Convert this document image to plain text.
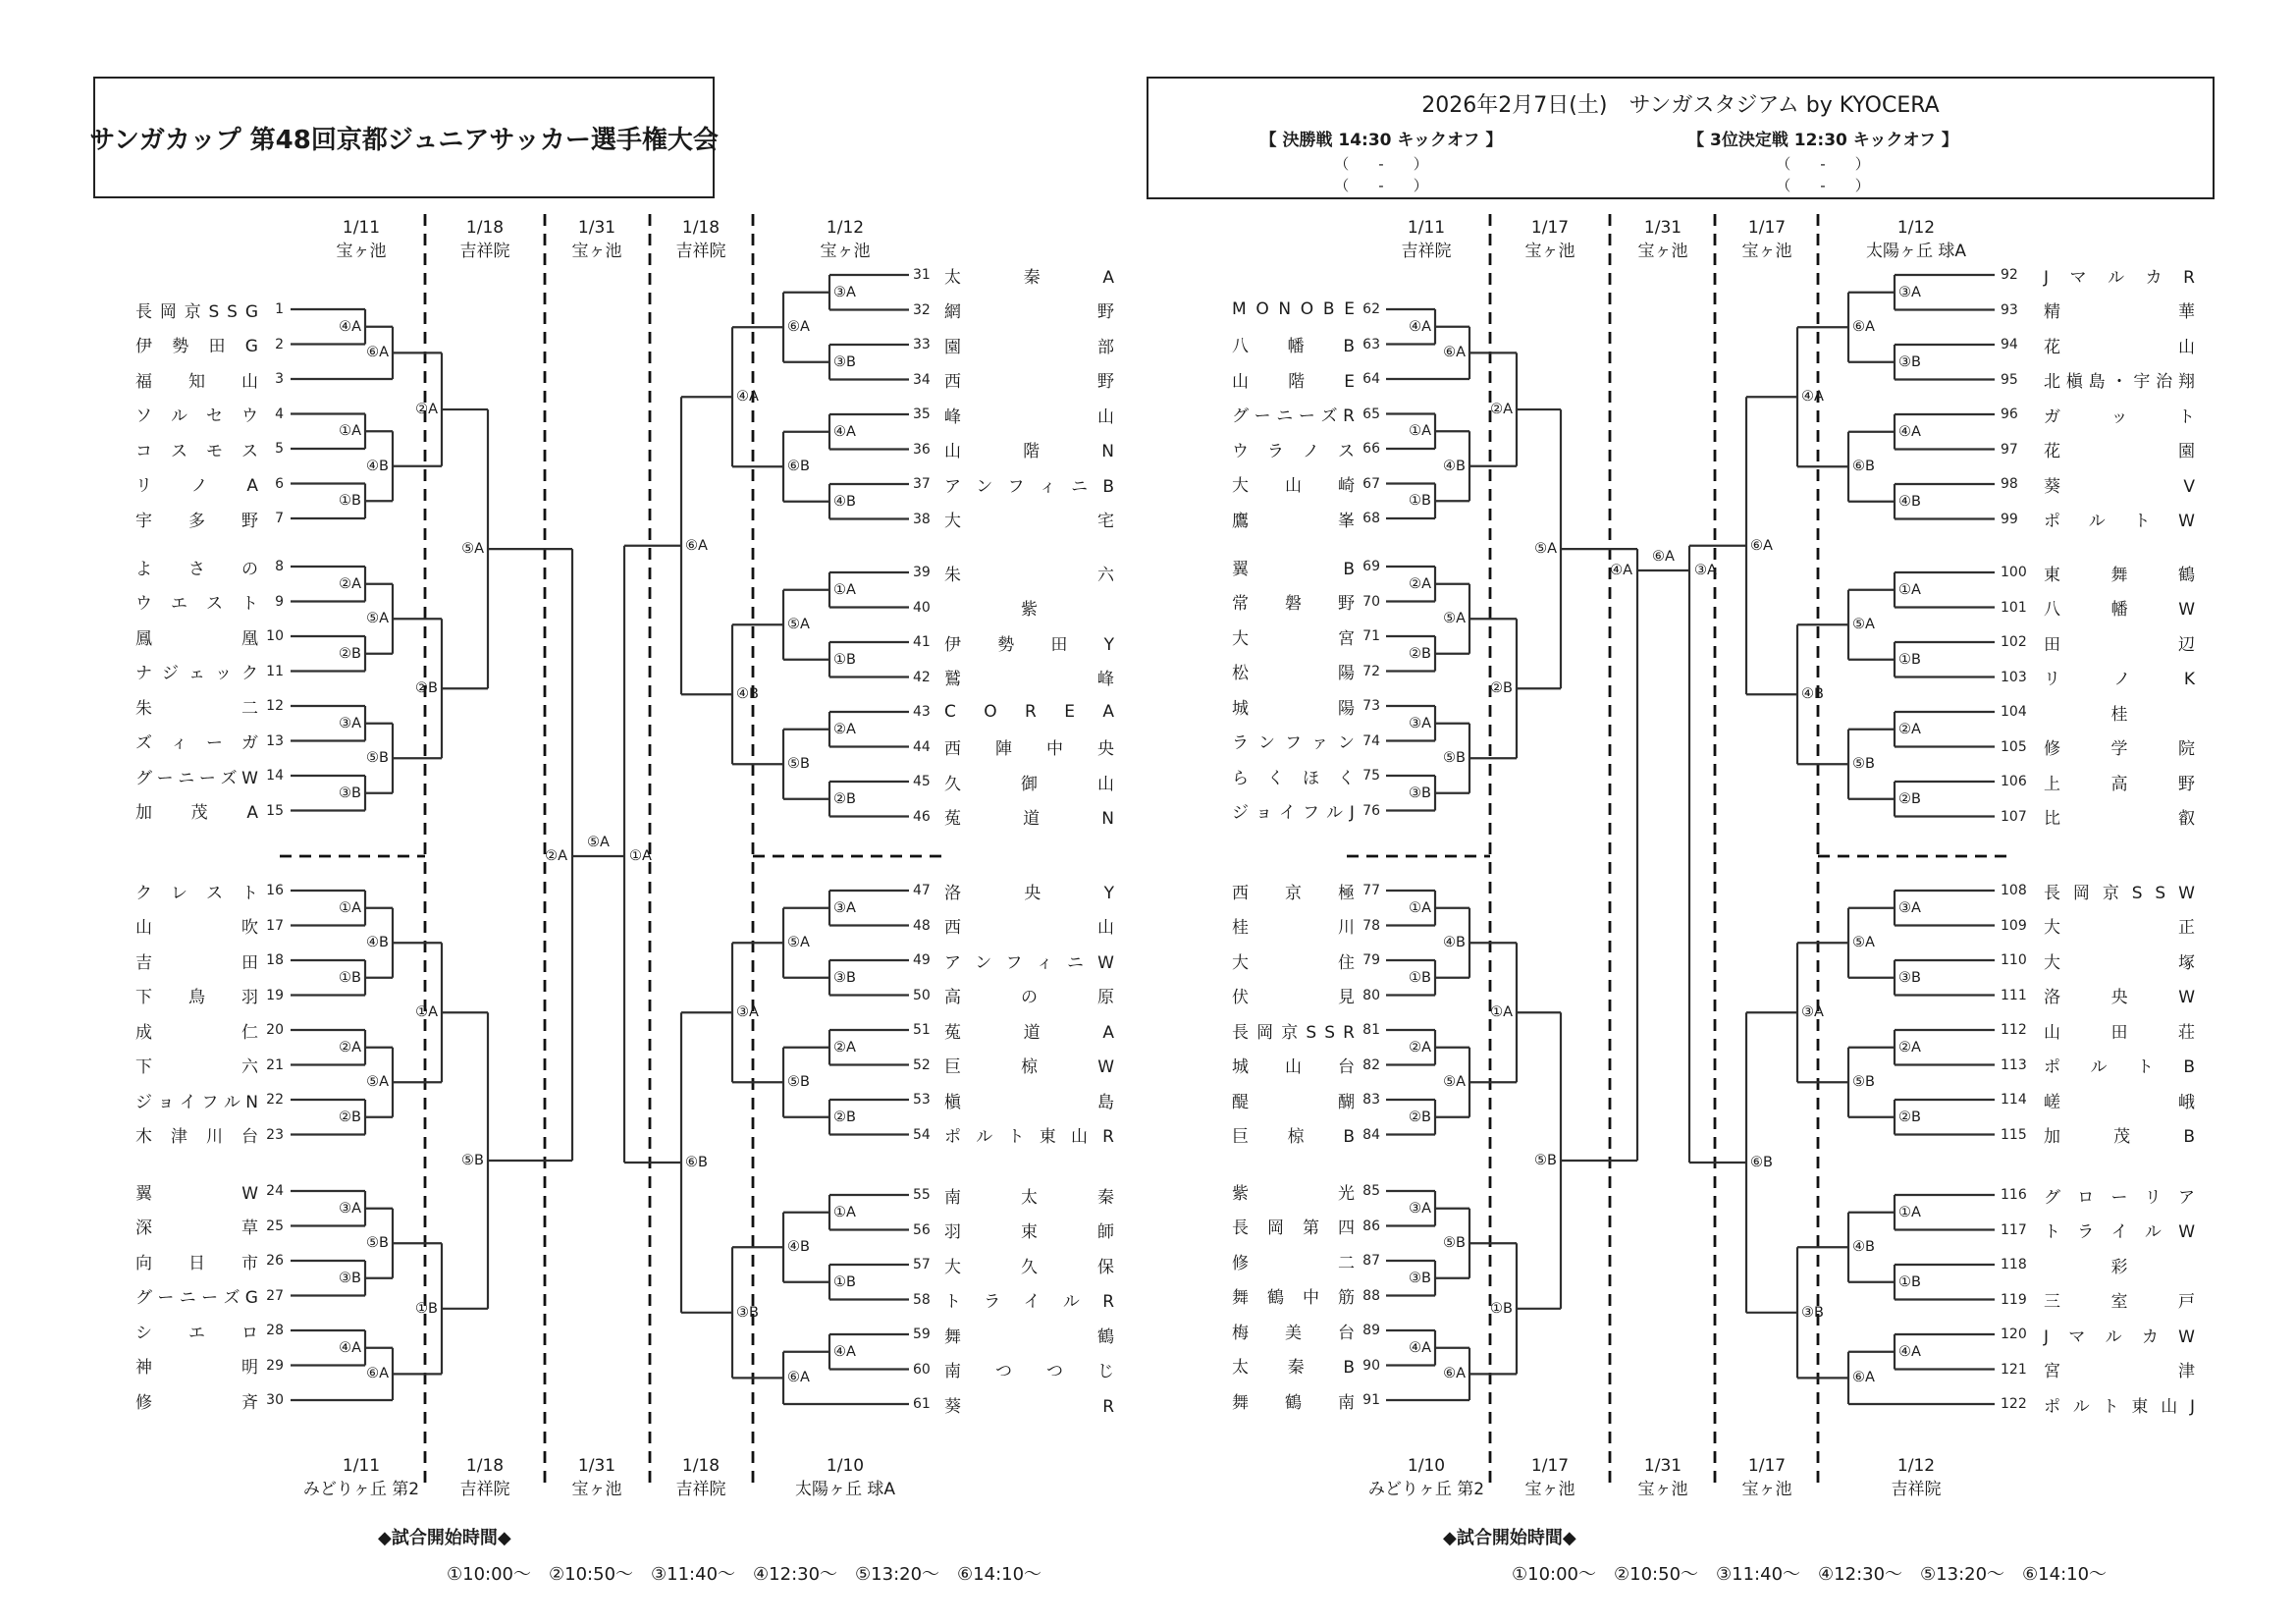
サンガカップ 第48回京都ジュニアサッカー選手権大会
2026年2月7日(土)　サンガスタジアム by KYOCERA
【 決勝戦 14:30 キックオフ 】	【 3位決定戦 12:30 キックオフ 】
（　　-　　）
（　　-　　）
（　　-　　）
（　　-　　）
◆試合開始時間◆
①10:00～　②10:50～　③11:40～　④12:30～　⑤13:20～　⑥14:10～
◆試合開始時間◆
①10:00～　②10:50～　③11:40～　④12:30～　⑤13:20～　⑥14:10～
1/11
宝ヶ池
1/18
吉祥院
1/31
宝ヶ池
1/18
吉祥院
1/12
宝ヶ池
1/11
みどりヶ丘 第2
1/18
吉祥院
1/31
宝ヶ池
1/18
吉祥院
1/10
太陽ヶ丘 球A
長 岡 京 S S G	1
伊 勢 田 G	2
福 知 山	3
ソ ル セ ウ	4
コ ス モ ス	5
リ ノ A	6
宇 多 野	7
よ さ の	8
ウ エ ス ト	9
鳳	凰 10
ナ ジ ェ ッ ク 11
朱	二 12
ズ ィ ー ガ 13
グ ー ニ ー ズ W 14
加 茂 A 15
ク レ ス ト 16
山	吹 17
吉	田 18
下 鳥 羽 19
成	仁 20
下	六 21
ジ ョ イ フ ル N 22
木 津 川 台 23
翼	W 24
深	草 25
向 日 市 26
グ ー ニ ー ズ G 27
シ エ ロ 28
神	明 29
修	斉 30
④A
⑥A
①A
①B
④B
②A
②A
②B
⑤A
③A
③B
⑤B
②B
⑤A
①A
①B
④B
②A
②B
⑤A
①A
③A
③B
⑤B
④A
⑥A
①B
⑤B
②A
31 太	秦	A
32 網	野
33 園	部
34 西	野
35 峰	山
36 山	階	N
37 ア ン フ ィ ニ B
38 大	宅
39 朱	六
40	紫
41 伊 勢 田 Y
42 鷲	峰
43 C O R E A
44 西 陣 中 央
45 久	御	山
46 菟	道	N
47 洛	央	Y
48 西	山
49 ア ン フ ィ ニ W
50 高	の	原
51 菟	道	A
52 巨	椋	W
53 槇	島
54 ポ ル ト 東 山 R
55 南	太	秦
56 羽	束	師
57 大	久	保
58 ト ラ イ ル R
59 舞	鶴
60 南 つ つ じ
61 葵	R
③A
③B
⑥A
④A
④B
⑥B
④A
①A
①B
⑤A
②A
②B
⑤B
④B
⑥A
③A
③B
⑤A
②A
②B
⑤B
③A
①A
①B
④B
④A
⑥A
③B
⑥B
①A
⑤A
1/11
吉祥院
1/17
宝ヶ池
1/31
宝ヶ池
1/17
宝ヶ池
1/12
太陽ヶ丘 球A
1/10
みどりヶ丘 第2
1/17
宝ヶ池
1/31
宝ヶ池
1/17
宝ヶ池
1/12
吉祥院
M O N O B E 62
八 幡 B 63
山 階 E 64
グ ー ニ ー ズ R 65
ウ ラ ノ ス 66
大 山 崎 67
鷹	峯 68
翼	B 69
常 磐 野 70
大	宮 71
松	陽 72
城	陽 73
ラ ン フ ァ ン 74
ら く ほ く 75
ジ ョ イ フ ル J 76
西 京 極 77
桂	川 78
大	住 79
伏	見 80
長 岡 京 S S R 81
城 山 台 82
醍	醐 83
巨 椋 B 84
紫	光 85
長 岡 第 四 86
修	二 87
舞 鶴 中 筋 88
梅 美 台 89
太 秦 B 90
舞 鶴 南 91
④A
⑥A
①A
①B
④B
②A
②A
②B
⑤A
③A
③B
⑤B
②B
⑤A
①A
①B
④B
②A
②B
⑤A
①A
③A
③B
⑤B
④A
⑥A
①B
⑤B
④A
92	J マ ル カ R
93	精	華
94	花	山
95	北 槇 島 ・ 宇 治 翔
96	ガ	ッ	ト
97	花	園
98	葵	V
99	ポ ル ト W
100	東	舞	鶴
101	八	幡	W
102	田	辺
103	リ	ノ	K
104	桂
105	修	学	院
106	上	高	野
107	比	叡
108	長 岡 京 S S W
109	大	正
110	大	塚
111	洛	央	W
112	山	田	荘
113	ポ ル ト B
114	嵯	峨
115	加	茂	B
116	グ ロ ー リ ア
117	ト ラ イ ル W
118	彩
119	三	室	戸
120	J マ ル カ W
121	宮	津
122	ポ ル ト 東 山 J
③A
③B
⑥A
④A
④B
⑥B
④A
①A
①B
⑤A
②A
②B
⑤B
④B
⑥A
③A
③B
⑤A
②A
②B
⑤B
③A
①A
①B
④B
④A
⑥A
③B
⑥B
③A
⑥A
